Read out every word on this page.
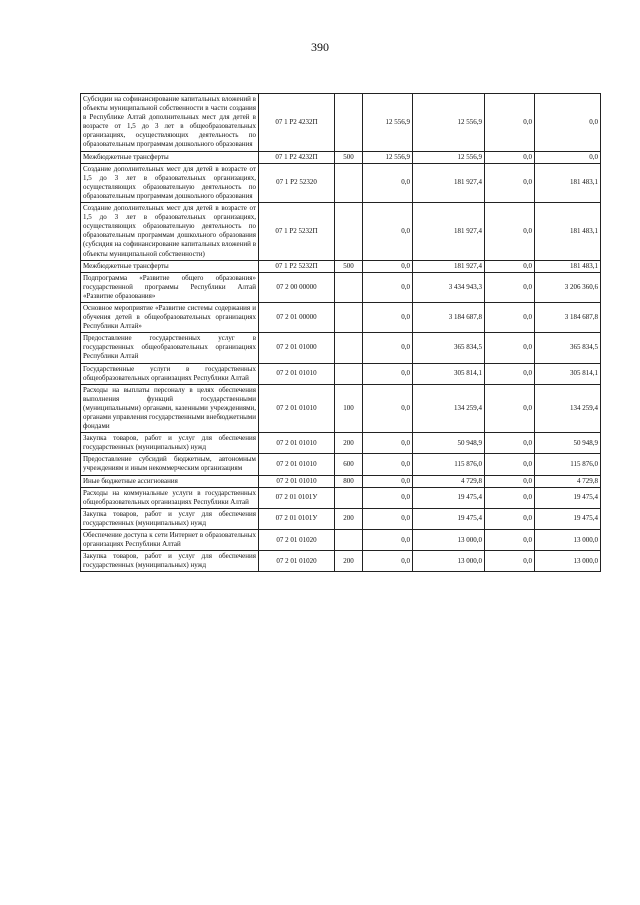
390
Субсидии на софинансирование капитальных вложений в объекты муниципальной собственности в части создания в Республике Алтай дополнительных мест для детей в возрасте от 1,5 до 3 лет в общеобразовательных организациях, осуществляющих деятельность по образовательным программам дошкольного образования	07 1 P2 4232П		12 556,9	12 556,9	0,0	0,0
Межбюджетные трансферты	07 1 P2 4232П	500	12 556,9	12 556,9	0,0	0,0
Создание дополнительных мест для детей в возрасте от 1,5 до 3 лет в образовательных организациях, осуществляющих образовательную деятельность по образовательным программам дошкольного образования	07 1 P2 52320		0,0	181 927,4	0,0	181 483,1
Создание дополнительных мест для детей в возрасте от 1,5 до 3 лет в образовательных организациях, осуществляющих образовательную деятельность по образовательным программам дошкольного образования (субсидия на софинансирование капитальных вложений в объекты муниципальной собственности)	07 1 P2 5232П		0,0	181 927,4	0,0	181 483,1
Межбюджетные трансферты	07 1 P2 5232П	500	0,0	181 927,4	0,0	181 483,1
Подпрограмма «Развитие общего образования» государственной программы Республики Алтай «Развитие образования»	07 2 00 00000		0,0	3 434 943,3	0,0	3 206 360,6
Основное мероприятие «Развитие системы содержания и обучения детей в общеобразовательных организациях Республики Алтай»	07 2 01 00000		0,0	3 184 687,8	0,0	3 184 687,8
Предоставление государственных услуг в государственных общеобразовательных организациях Республики Алтай	07 2 01 01000		0,0	365 834,5	0,0	365 834,5
Государственные услуги в государственных общеобразовательных организациях Республики Алтай	07 2 01 01010		0,0	305 814,1	0,0	305 814,1
Расходы на выплаты персоналу в целях обеспечения выполнения функций государственными (муниципальными) органами, казенными учреждениями, органами управления государственными внебюджетными фондами	07 2 01 01010	100	0,0	134 259,4	0,0	134 259,4
Закупка товаров, работ и услуг для обеспечения государственных (муниципальных) нужд	07 2 01 01010	200	0,0	50 948,9	0,0	50 948,9
Предоставление субсидий бюджетным, автономным учреждениям и иным некоммерческим организациям	07 2 01 01010	600	0,0	115 876,0	0,0	115 876,0
Иные бюджетные ассигнования	07 2 01 01010	800	0,0	4 729,8	0,0	4 729,8
Расходы на коммунальные услуги в государственных общеобразовательных организациях Республики Алтай	07 2 01 0101У		0,0	19 475,4	0,0	19 475,4
Закупка товаров, работ и услуг для обеспечения государственных (муниципальных) нужд	07 2 01 0101У	200	0,0	19 475,4	0,0	19 475,4
Обеспечение доступа к сети Интернет в образовательных организациях Республики Алтай	07 2 01 01020		0,0	13 000,0	0,0	13 000,0
Закупка товаров, работ и услуг для обеспечения государственных (муниципальных) нужд	07 2 01 01020	200	0,0	13 000,0	0,0	13 000,0
